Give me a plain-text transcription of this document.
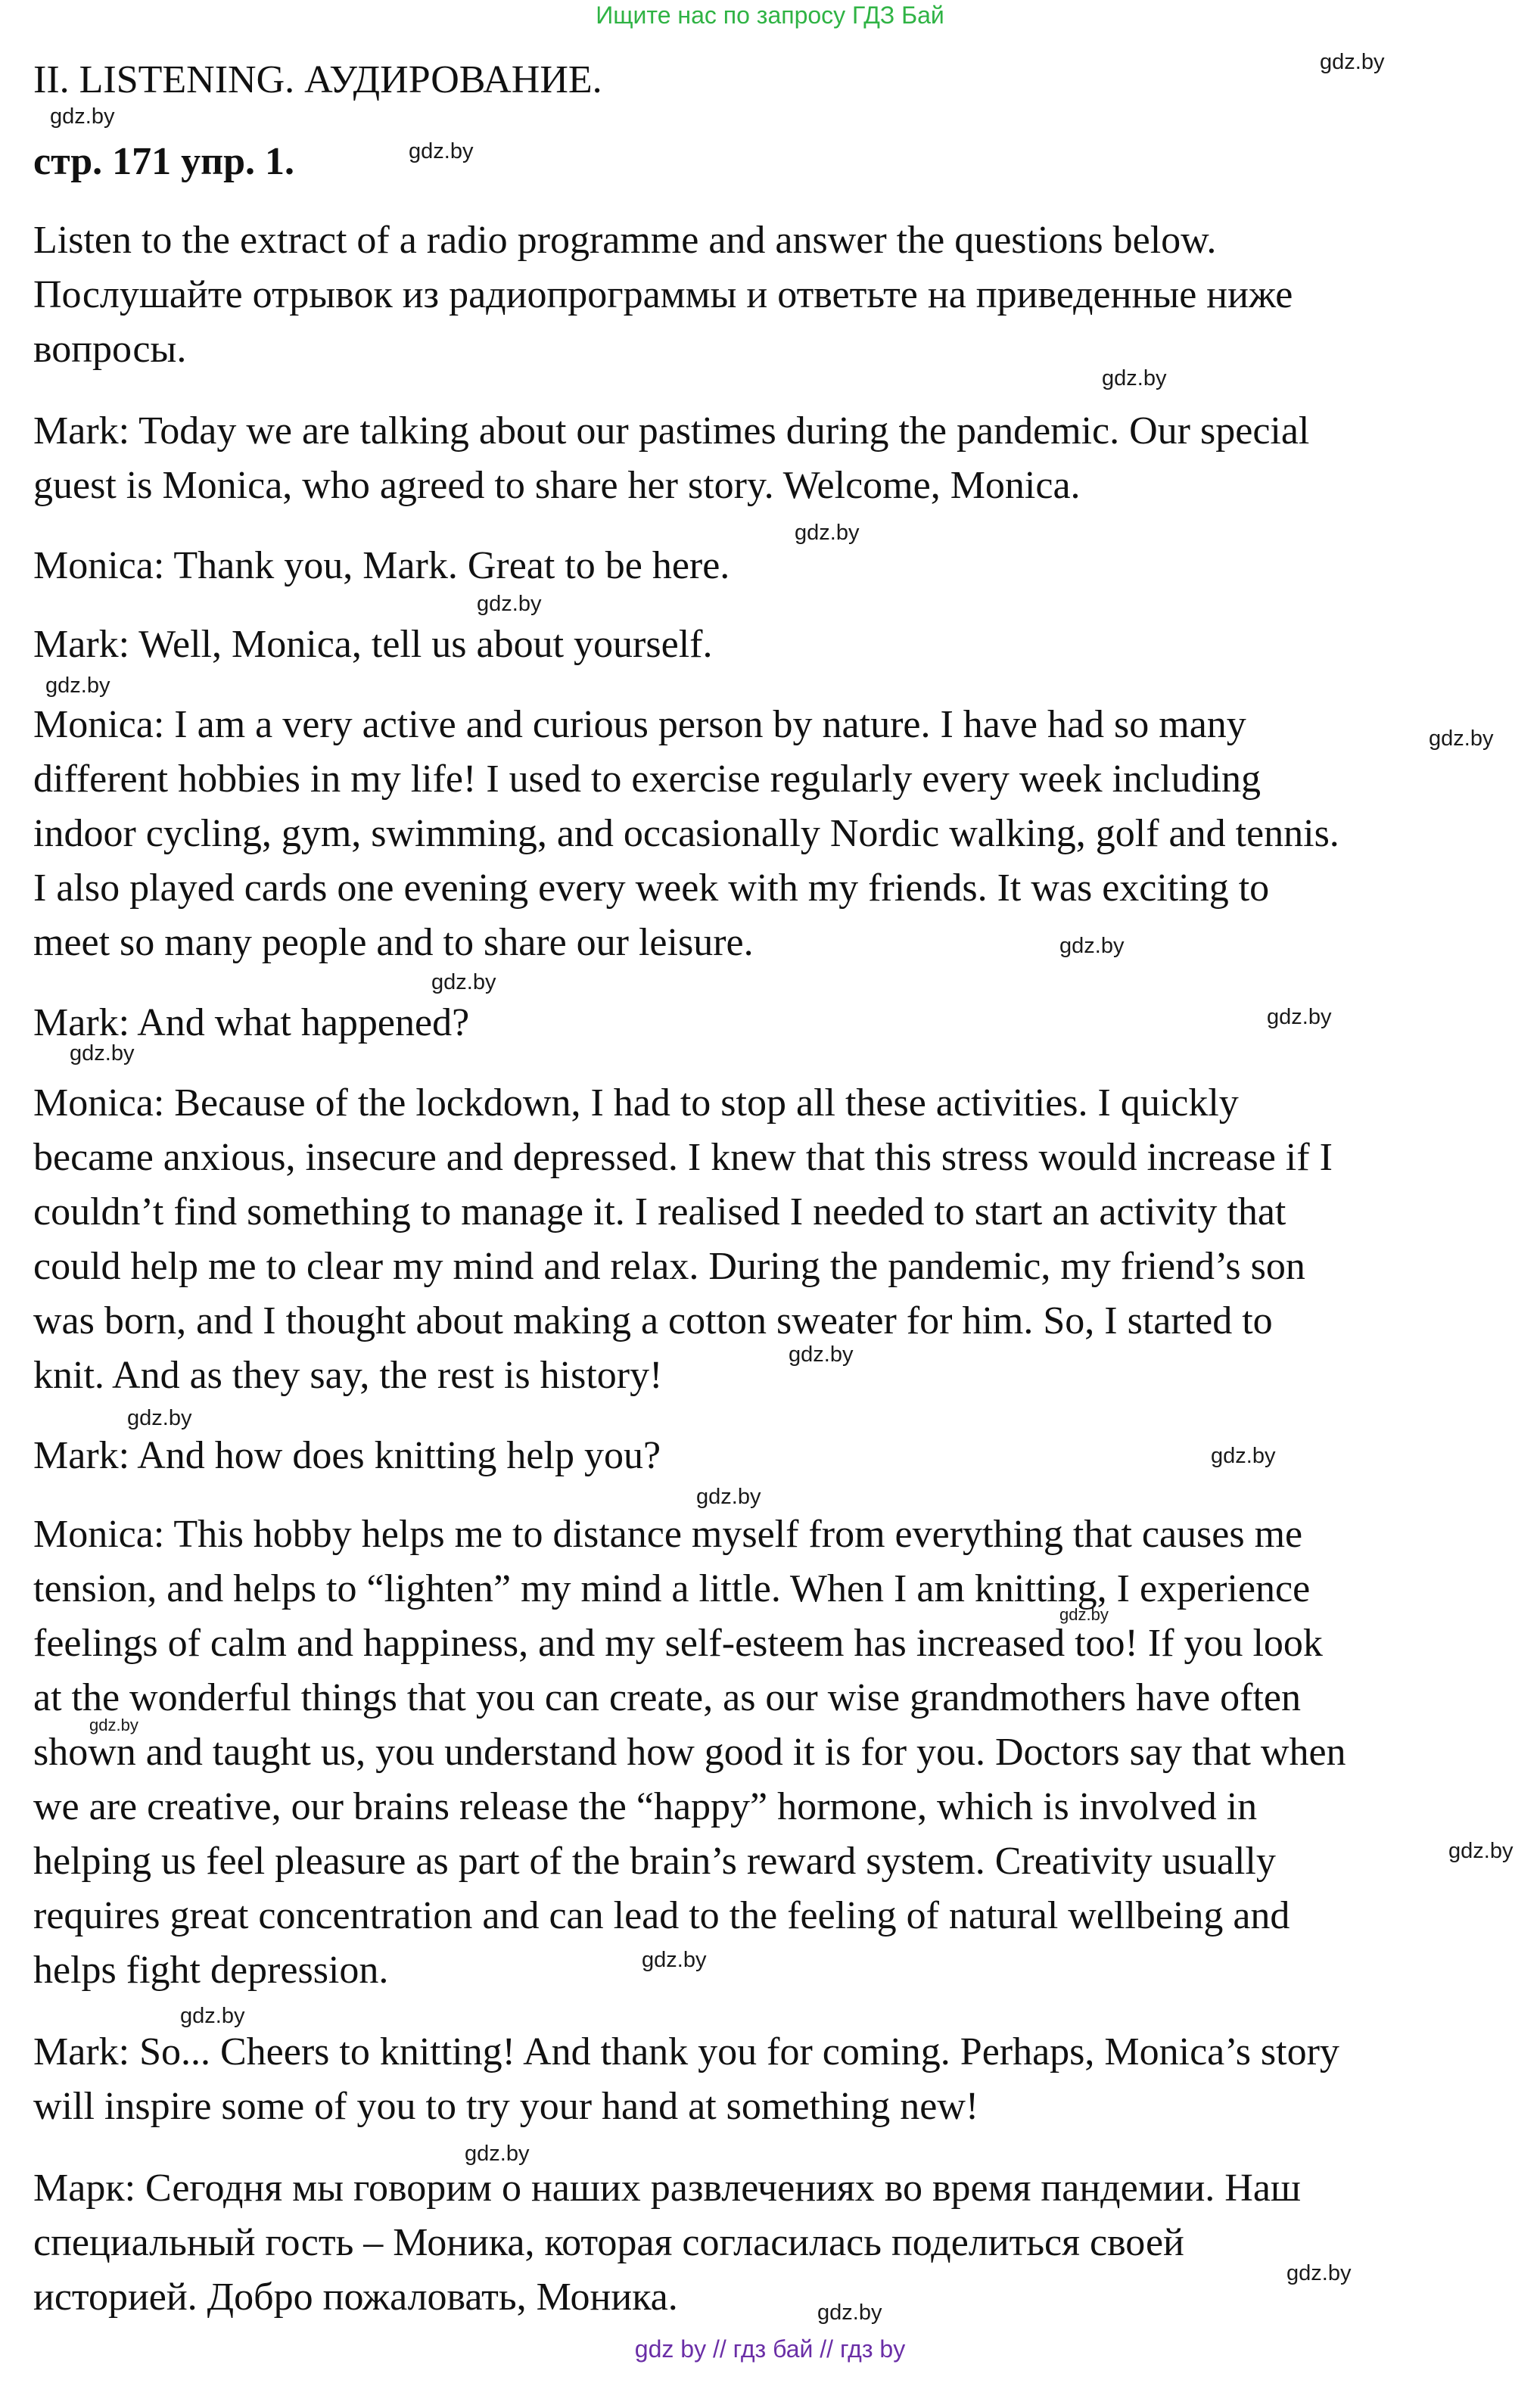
Ищите нас по запросу ГДЗ Бай
II. LISTENING. АУДИРОВАНИЕ.
стр. 171 упр. 1.
Listen to the extract of a radio programme and answer the questions below.
Послушайте отрывок из радиопрограммы и ответьте на приведенные ниже
вопросы.
Mark: Today we are talking about our pastimes during the pandemic. Our special
guest is Monica, who agreed to share her story. Welcome, Monica.
Monica: Thank you, Mark. Great to be here.
Mark: Well, Monica, tell us about yourself.
Monica: I am a very active and curious person by nature. I have had so many
different hobbies in my life! I used to exercise regularly every week including
indoor cycling, gym, swimming, and occasionally Nordic walking, golf and tennis.
I also played cards one evening every week with my friends. It was exciting to
meet so many people and to share our leisure.
Mark: And what happened?
Monica: Because of the lockdown, I had to stop all these activities. I quickly
became anxious, insecure and depressed. I knew that this stress would increase if I
couldn’t find something to manage it. I realised I needed to start an activity that
could help me to clear my mind and relax. During the pandemic, my friend’s son
was born, and I thought about making a cotton sweater for him. So, I started to
knit. And as they say, the rest is history!
Mark: And how does knitting help you?
Monica: This hobby helps me to distance myself from everything that causes me
tension, and helps to “lighten” my mind a little. When I am knitting, I experience
feelings of calm and happiness, and my self-esteem has increased too! If you look
at the wonderful things that you can create, as our wise grandmothers have often
shown and taught us, you understand how good it is for you. Doctors say that when
we are creative, our brains release the “happy” hormone, which is involved in
helping us feel pleasure as part of the brain’s reward system. Creativity usually
requires great concentration and can lead to the feeling of natural wellbeing and
helps fight depression.
Mark: So... Cheers to knitting! And thank you for coming. Perhaps, Monica’s story
will inspire some of you to try your hand at something new!
Марк: Сегодня мы говорим о наших развлечениях во время пандемии. Наш
специальный гость – Моника, которая согласилась поделиться своей
историей. Добро пожаловать, Моника.
gdz.by
gdz.by
gdz.by
gdz.by
gdz.by
gdz.by
gdz.by
gdz.by
gdz.by
gdz.by
gdz.by
gdz.by
gdz.by
gdz.by
gdz.by
gdz.by
gdz.by
gdz.by
gdz.by
gdz.by
gdz.by
gdz.by
gdz.by
gdz.by
gdz by // гдз бай // гдз by
